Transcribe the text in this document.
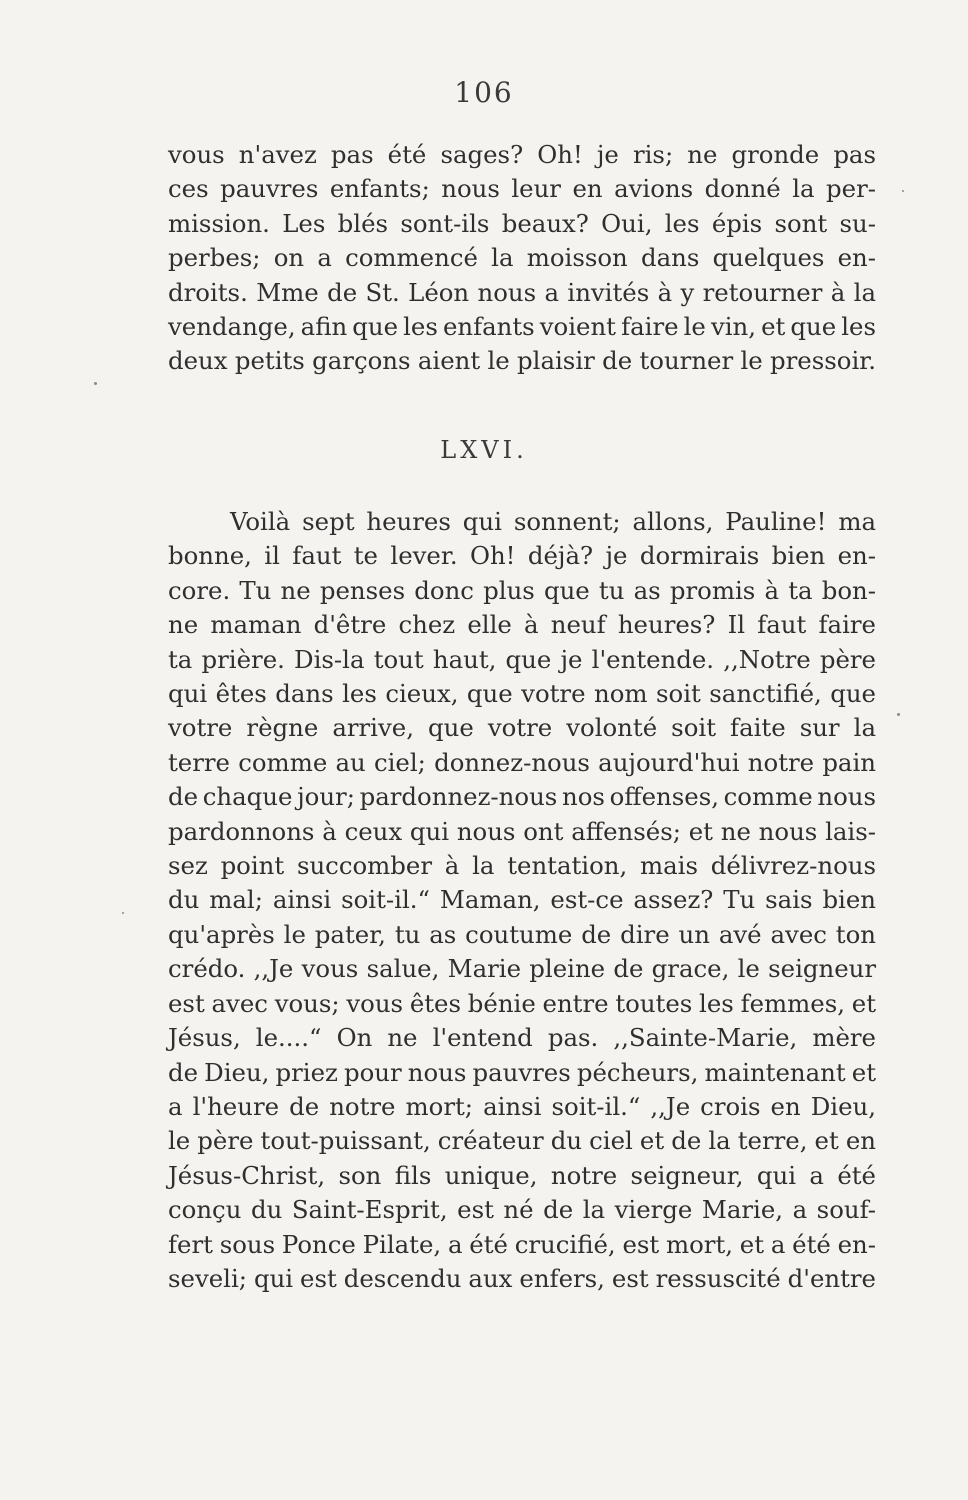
106
vous n'avez pas été sages? Oh! je ris; ne gronde pas
ces pauvres enfants; nous leur en avions donné la per-
mission. Les blés sont-ils beaux? Oui, les épis sont su-
perbes; on a commencé la moisson dans quelques en-
droits. Mme de St. Léon nous a invités à y retourner à la
vendange, afin que les enfants voient faire le vin, et que les
deux petits garçons aient le plaisir de tourner le pressoir.
LXVI.
Voilà sept heures qui sonnent; allons, Pauline! ma
bonne, il faut te lever. Oh! déjà? je dormirais bien en-
core. Tu ne penses donc plus que tu as promis à ta bon-
ne maman d'être chez elle à neuf heures? Il faut faire
ta prière. Dis-la tout haut, que je l'entende. ,,Notre père
qui êtes dans les cieux, que votre nom soit sanctifié, que
votre règne arrive, que votre volonté soit faite sur la
terre comme au ciel; donnez-nous aujourd'hui notre pain
de chaque jour; pardonnez-nous nos offenses, comme nous
pardonnons à ceux qui nous ont affensés; et ne nous lais-
sez point succomber à la tentation, mais délivrez-nous
du mal; ainsi soit-il.“ Maman, est-ce assez? Tu sais bien
qu'après le pater, tu as coutume de dire un avé avec ton
crédo. ,,Je vous salue, Marie pleine de grace, le seigneur
est avec vous; vous êtes bénie entre toutes les femmes, et
Jésus, le....“ On ne l'entend pas. ,,Sainte-Marie, mère
de Dieu, priez pour nous pauvres pécheurs, maintenant et
a l'heure de notre mort; ainsi soit-il.“ ,,Je crois en Dieu,
le père tout-puissant, créateur du ciel et de la terre, et en
Jésus-Christ, son fils unique, notre seigneur, qui a été
conçu du Saint-Esprit, est né de la vierge Marie, a souf-
fert sous Ponce Pilate, a été crucifié, est mort, et a été en-
seveli; qui est descendu aux enfers, est ressuscité d'entre
